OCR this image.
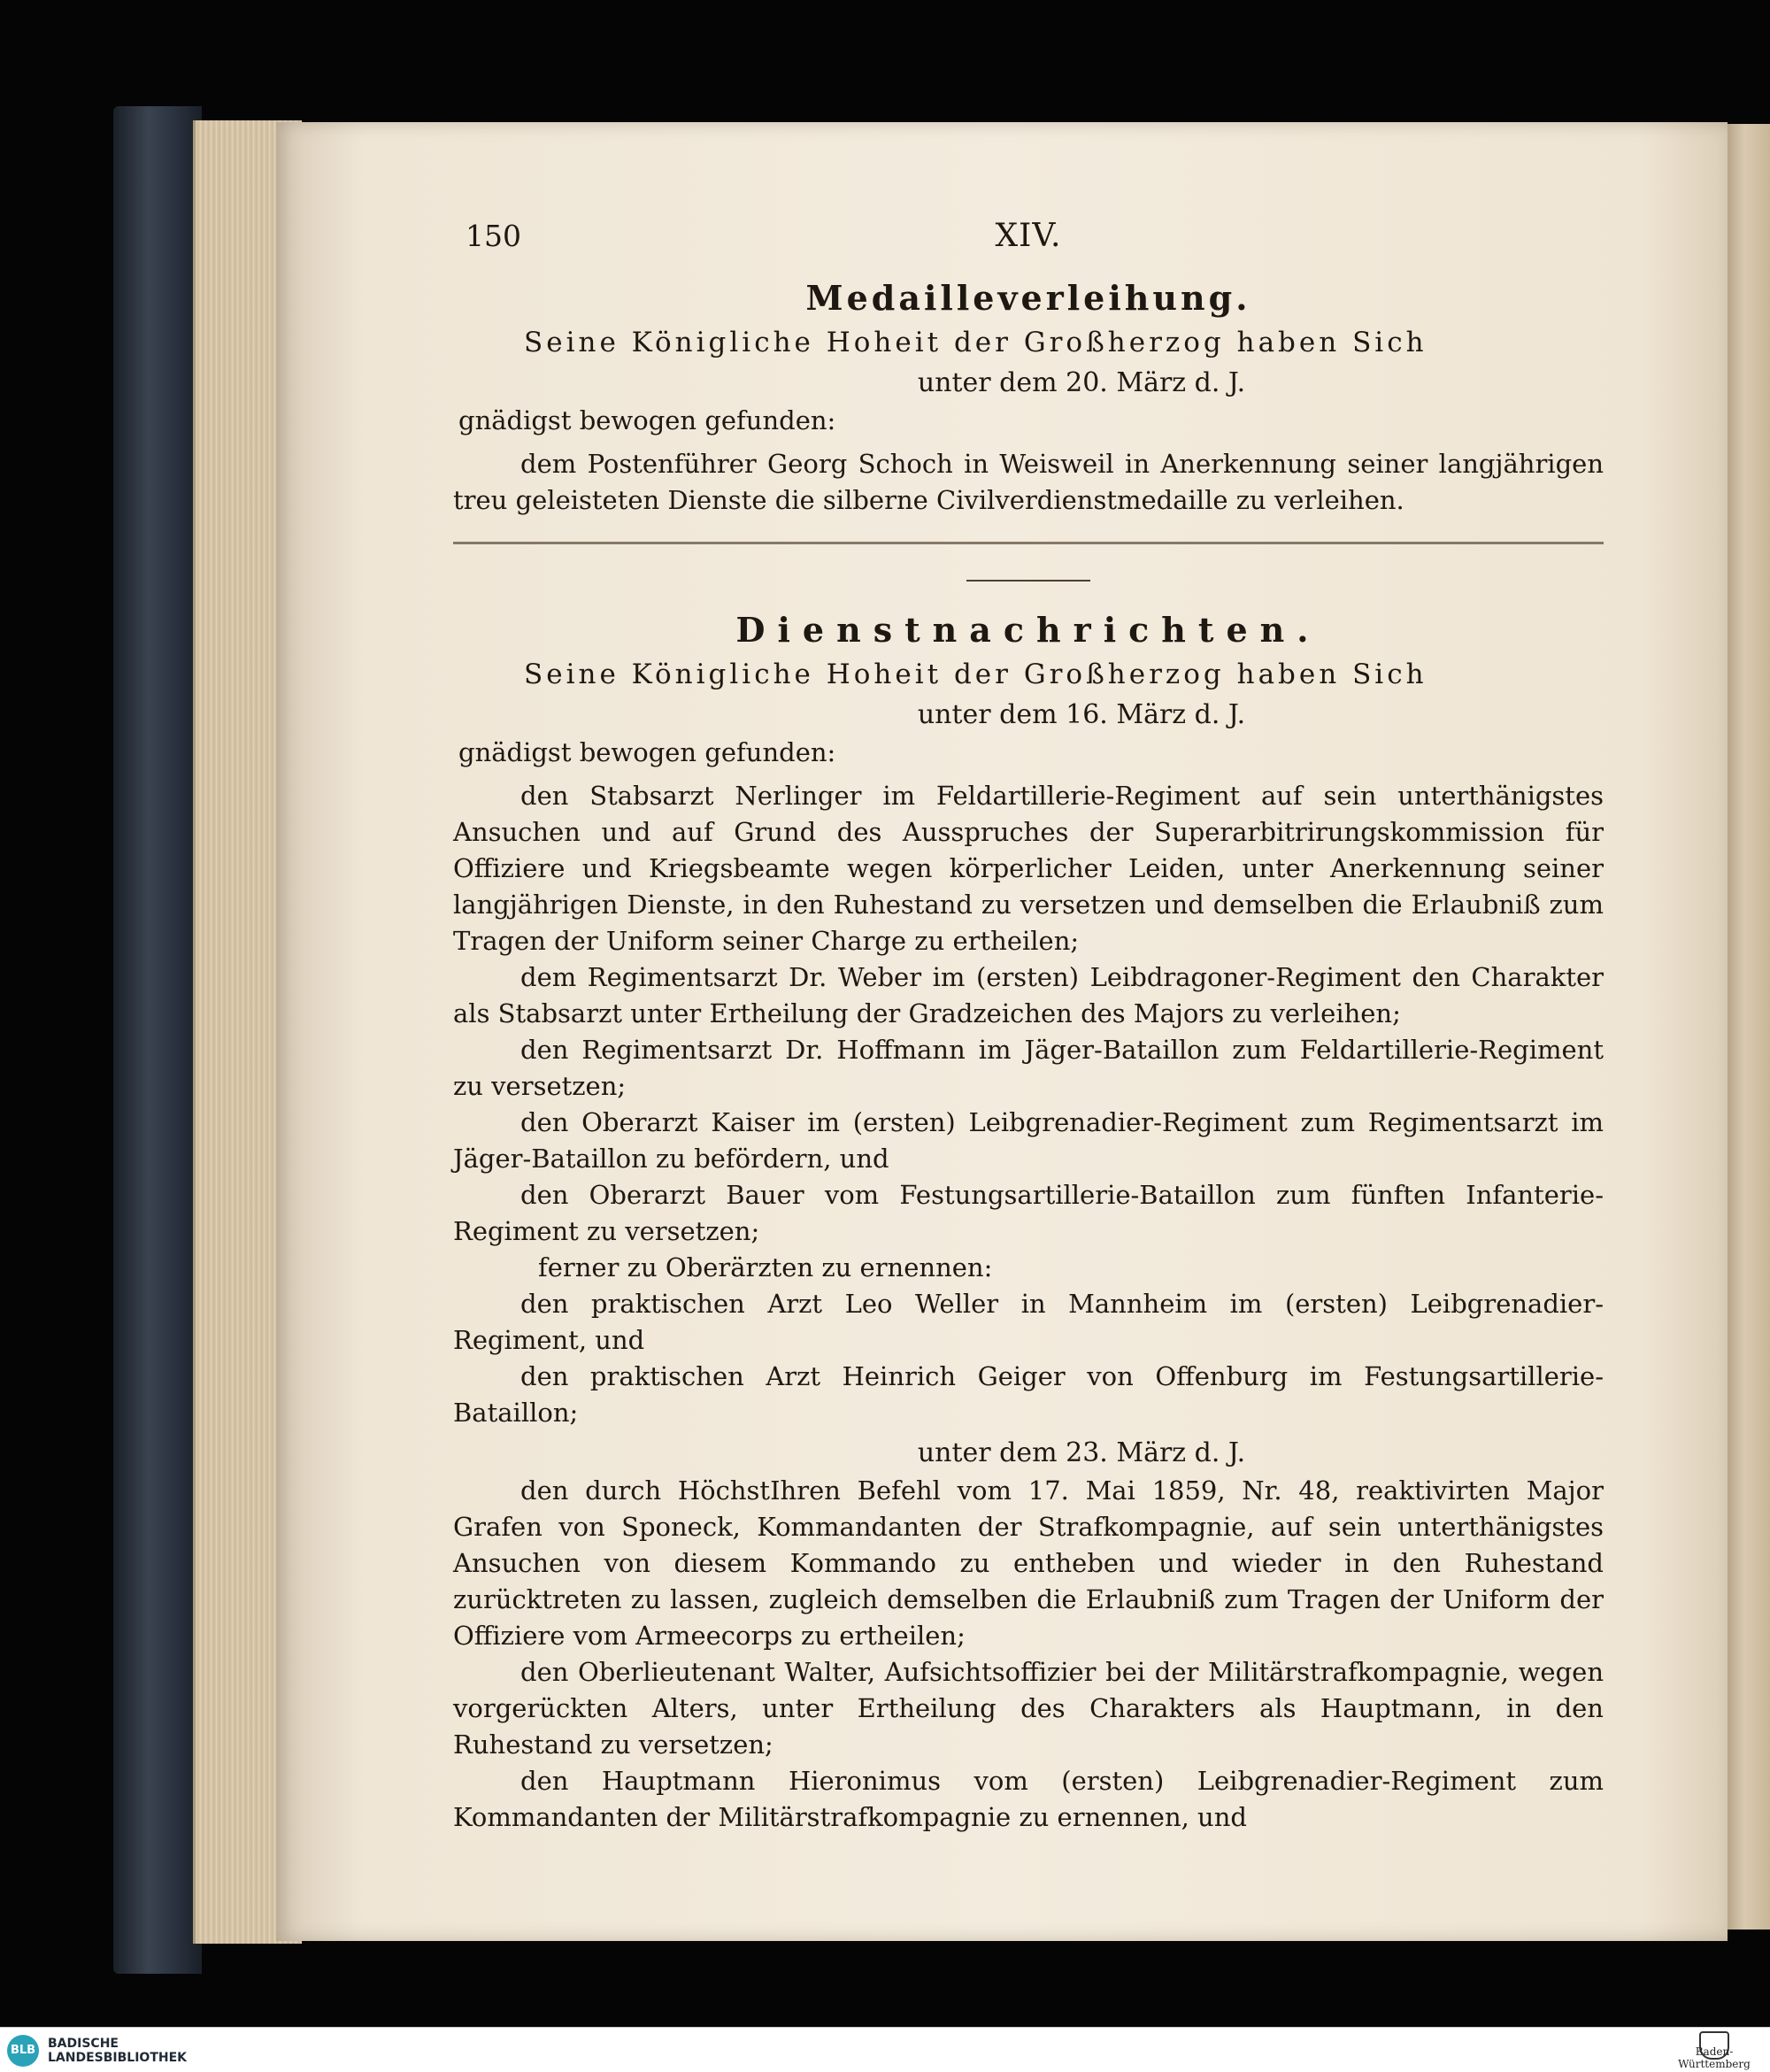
150	XIV.
Medailleverleihung.
Seine Königliche Hoheit der Großherzog haben Sich
unter dem 20. März d. J.
gnädigst bewogen gefunden:

dem Postenführer Georg Schoch in Weisweil in Anerkennung seiner langjährigen treu geleisteten Dienste die silberne Civilverdienstmedaille zu verleihen.

Dienstnachrichten.
Seine Königliche Hoheit der Großherzog haben Sich
unter dem 16. März d. J.
gnädigst bewogen gefunden:

den Stabsarzt Nerlinger im Feldartillerie-Regiment auf sein unterthänigstes Ansuchen und auf Grund des Ausspruches der Superarbitrirungskommission für Offiziere und Kriegsbeamte wegen körperlicher Leiden, unter Anerkennung seiner langjährigen Dienste, in den Ruhestand zu versetzen und demselben die Erlaubniß zum Tragen der Uniform seiner Charge zu ertheilen;

dem Regimentsarzt Dr. Weber im (ersten) Leibdragoner-Regiment den Charakter als Stabsarzt unter Ertheilung der Gradzeichen des Majors zu verleihen;

den Regimentsarzt Dr. Hoffmann im Jäger-Bataillon zum Feldartillerie-Regiment zu versetzen;

den Oberarzt Kaiser im (ersten) Leibgrenadier-Regiment zum Regimentsarzt im Jäger-Bataillon zu befördern, und

den Oberarzt Bauer vom Festungsartillerie-Bataillon zum fünften Infanterie-Regiment zu versetzen;

ferner zu Oberärzten zu ernennen:

den praktischen Arzt Leo Weller in Mannheim im (ersten) Leibgrenadier-Regiment, und

den praktischen Arzt Heinrich Geiger von Offenburg im Festungsartillerie-Bataillon;

unter dem 23. März d. J.

den durch HöchstIhren Befehl vom 17. Mai 1859, Nr. 48, reaktivirten Major Grafen von Sponeck, Kommandanten der Strafkompagnie, auf sein unterthänigstes Ansuchen von diesem Kommando zu entheben und wieder in den Ruhestand zurücktreten zu lassen, zugleich demselben die Erlaubniß zum Tragen der Uniform der Offiziere vom Armeecorps zu ertheilen;

den Oberlieutenant Walter, Aufsichtsoffizier bei der Militärstrafkompagnie, wegen vorgerückten Alters, unter Ertheilung des Charakters als Hauptmann, in den Ruhestand zu versetzen;

den Hauptmann Hieronimus vom (ersten) Leibgrenadier-Regiment zum Kommandanten der Militärstrafkompagnie zu ernennen, und

BLB BADISCHE
LANDESBIBLIOTHEK	Baden-Württemberg
